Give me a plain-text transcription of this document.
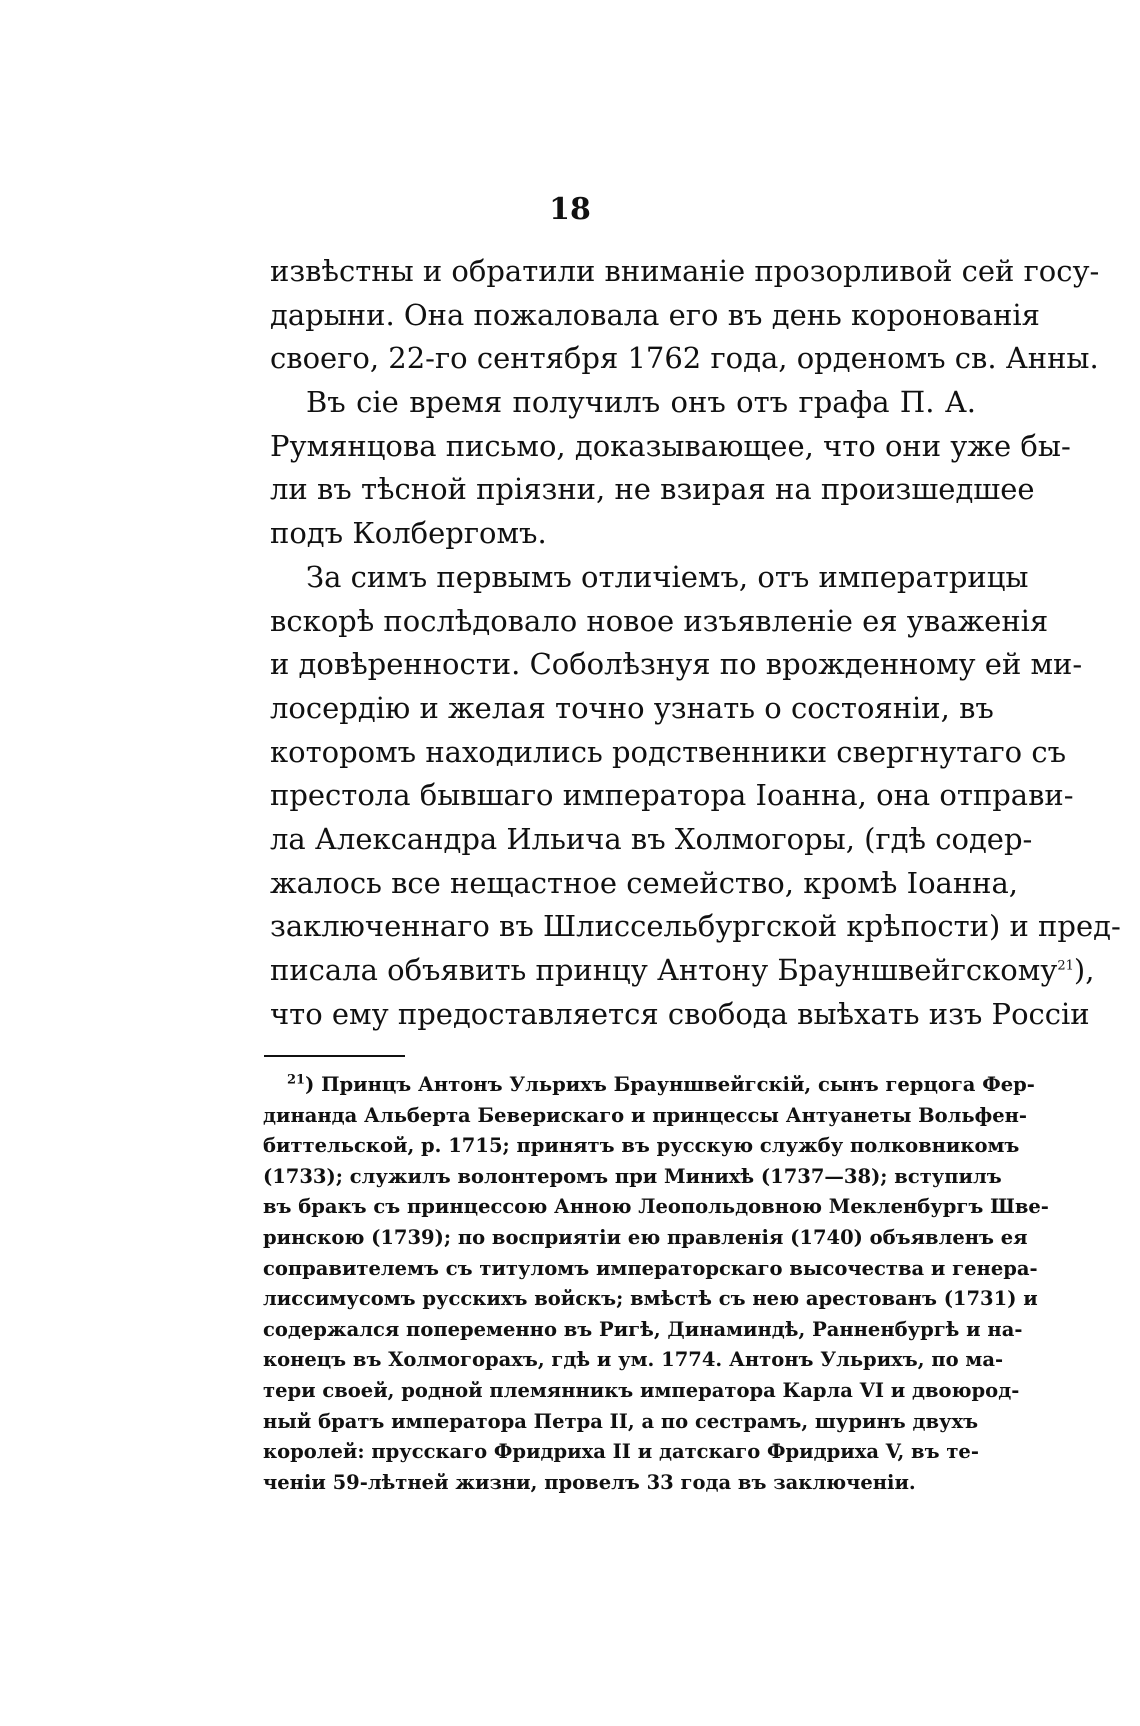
18
извѣстны и обратили вниманіе прозорливой сей госу-
дарыни. Она пожаловала его въ день коронованія
своего, 22-го сентября 1762 года, орденомъ св. Анны.
Въ сіе время получилъ онъ отъ графа П. А.
Румянцова письмо, доказывающее, что они уже бы-
ли въ тѣсной пріязни, не взирая на произшедшее
подъ Колбергомъ.
За симъ первымъ отличіемъ, отъ императрицы
вскорѣ послѣдовало новое изъявленіе ея уваженія
и довѣренности. Соболѣзнуя по врожденному ей ми-
лосердію и желая точно узнать о состояніи, въ
которомъ находились родственники свергнутаго съ
престола бывшаго императора Іоанна, она отправи-
ла Александра Ильича въ Холмогоры, (гдѣ содер-
жалось все нещастное семейство, кромѣ Іоанна,
заключеннаго въ Шлиссельбургской крѣпости) и пред-
писала объявить принцу Антону Брауншвейгскому$^{21}$),
что ему предоставляется свобода выѣхать изъ Россіи
$^{21}$) Принцъ Антонъ Ульрихъ Брауншвейгскій, сынъ герцога Фер-
динанда Альберта Беверискаго и принцессы Антуанеты Вольфен-
биттельской, р. 1715; принятъ въ русскую службу полковникомъ
(1733); служилъ волонтеромъ при Минихѣ (1737—38); вступилъ
въ бракъ съ принцессою Анною Леопольдовною Мекленбургъ Шве-
ринскою (1739); по восприятіи ею правленія (1740) объявленъ ея
соправителемъ съ титуломъ императорскаго высочества и генера-
лиссимусомъ русскихъ войскъ; вмѣстѣ съ нею арестованъ (1731) и
содержался попеременно въ Ригѣ, Динаминдѣ, Ранненбургѣ и на-
конецъ въ Холмогорахъ, гдѣ и ум. 1774. Антонъ Ульрихъ, по ма-
тери своей, родной племянникъ императора Карла VI и двоюрод-
ный братъ императора Петра II, а по сестрамъ, шуринъ двухъ
королей: прусскаго Фридриха II и датскаго Фридриха V, въ те-
ченіи 59-лѣтней жизни, провелъ 33 года въ заключеніи.
